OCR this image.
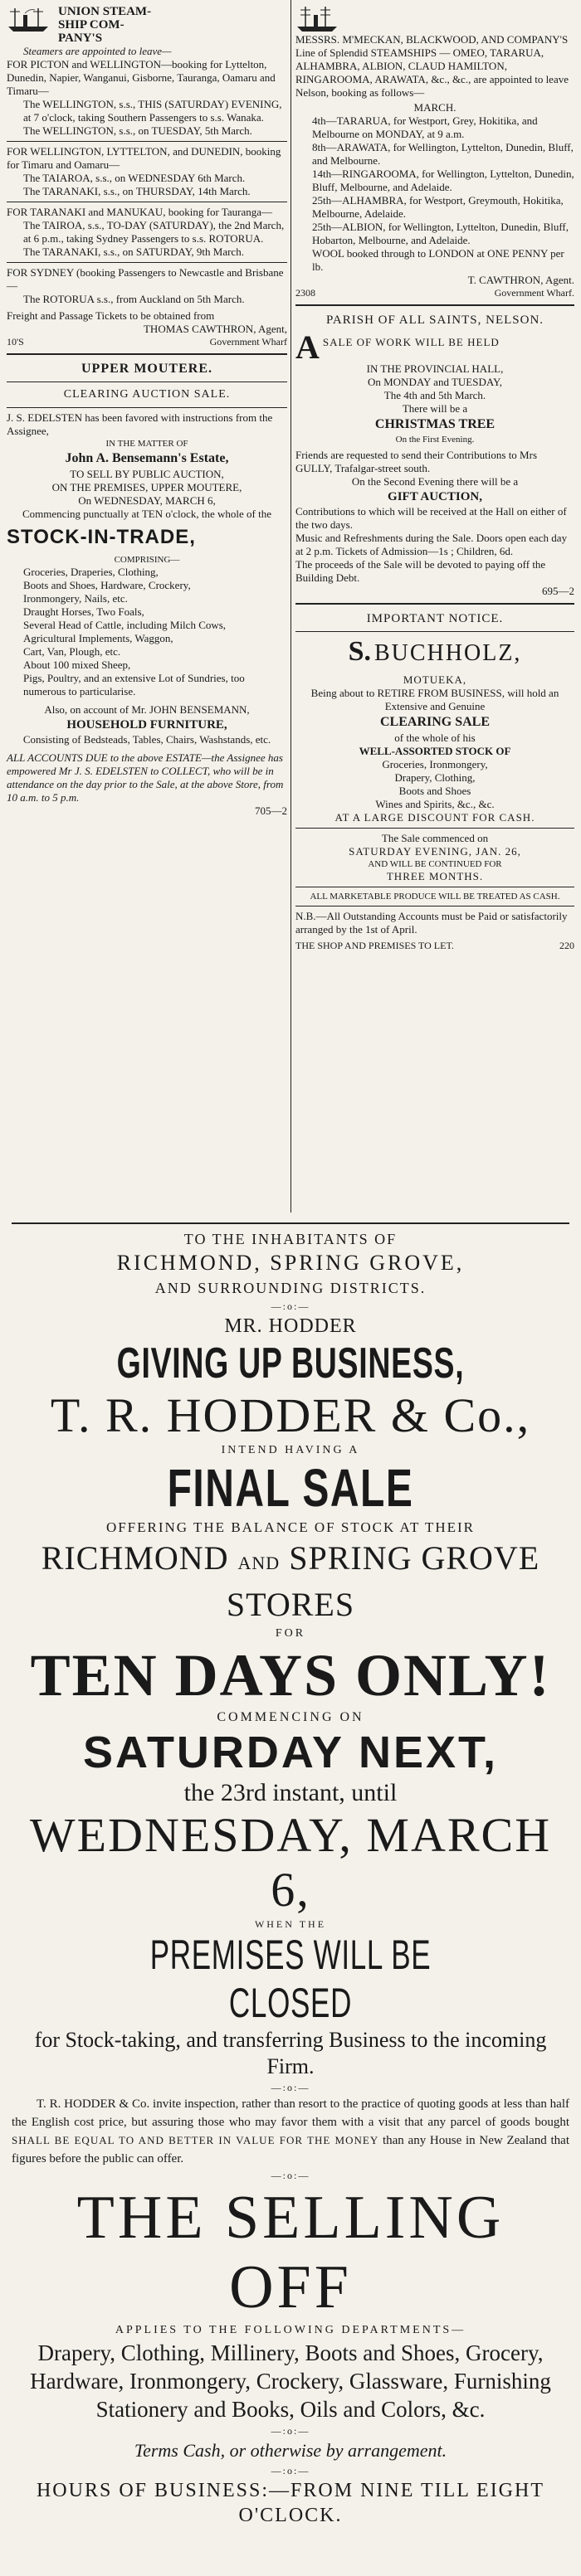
UNION STEAM-
SHIP COM-
PANY'S
Steamers are appointed to leave—
FOR PICTON and WELLINGTON—booking for Lyttelton, Dunedin, Napier, Wanganui, Gisborne, Tauranga, Oamaru and Timaru—
The WELLINGTON, s.s., THIS (SATURDAY) EVENING, at 7 o'clock, taking Southern Passengers to s.s. Wanaka.
The WELLINGTON, s.s., on TUESDAY, 5th March.
FOR WELLINGTON, LYTTELTON, and DUNEDIN, booking for Timaru and Oamaru—
The TAIAROA, s.s., on WEDNESDAY 6th March.
The TARANAKI, s.s., on THURSDAY, 14th March.
FOR TARANAKI and MANUKAU, booking for Tauranga—
The TAIROA, s.s., TO-DAY (SATURDAY), the 2nd March, at 6 p.m., taking Sydney Passengers to s.s. ROTORUA.
The TARANAKI, s.s., on SATURDAY, 9th March.
FOR SYDNEY (booking Passengers to Newcastle and Brisbane—
The ROTORUA s.s., from Auckland on 5th March.
Freight and Passage Tickets to be obtained from
THOMAS CAWTHRON, Agent,
10'S	Government Wharf
UPPER MOUTERE.
CLEARING AUCTION SALE.
J. S. EDELSTEN has been favored with instructions from the Assignee,
IN THE MATTER OF
John A. Bensemann's Estate,
TO SELL BY PUBLIC AUCTION,
ON THE PREMISES, UPPER MOUTERE,
On WEDNESDAY, MARCH 6,
Commencing punctually at TEN o'clock, the whole of the
STOCK-IN-TRADE,
COMPRISING—
Groceries, Draperies, Clothing,
Boots and Shoes, Hardware, Crockery,
Ironmongery, Nails, etc.
Draught Horses, Two Foals,
Several Head of Cattle, including Milch Cows,
Agricultural Implements, Waggon,
Cart, Van, Plough, etc.
About 100 mixed Sheep,
Pigs, Poultry, and an extensive Lot of Sundries, too numerous to particularise.
Also, on account of Mr. JOHN BENSEMANN,
HOUSEHOLD FURNITURE,
Consisting of Bedsteads, Tables, Chairs, Washstands, etc.
ALL ACCOUNTS DUE to the above ESTATE—the Assignee has empowered Mr J. S. EDELSTEN to COLLECT, who will be in attendance on the day prior to the Sale, at the above Store, from 10 a.m. to 5 p.m.
705—2
MESSRS. M'MECKAN, BLACKWOOD, AND COMPANY'S Line of Splendid STEAMSHIPS — OMEO, TARARUA, ALHAMBRA, ALBION, CLAUD HAMILTON, RINGAROOMA, ARAWATA, &c., &c., are appointed to leave Nelson, booking as follows—
MARCH.
4th—TARARUA, for Westport, Grey, Hokitika, and Melbourne on MONDAY, at 9 a.m.
8th—ARAWATA, for Wellington, Lyttelton, Dunedin, Bluff, and Melbourne.
14th—RINGAROOMA, for Wellington, Lyttelton, Dunedin, Bluff, Melbourne, and Adelaide.
25th—ALHAMBRA, for Westport, Greymouth, Hokitika, Melbourne, Adelaide.
25th—ALBION, for Wellington, Lyttelton, Dunedin, Bluff, Hobarton, Melbourne, and Adelaide.
WOOL booked through to LONDON at ONE PENNY per lb.
T. CAWTHRON, Agent.
2308	Government Wharf.
PARISH OF ALL SAINTS, NELSON.
A SALE OF WORK WILL BE HELD
IN THE PROVINCIAL HALL,
On MONDAY and TUESDAY,
The 4th and 5th March.
There will be a
CHRISTMAS TREE
On the First Evening.
Friends are requested to send their Contributions to Mrs GULLY, Trafalgar-street south.
On the Second Evening there will be a
GIFT AUCTION,
Contributions to which will be received at the Hall on either of the two days.
Music and Refreshments during the Sale. Doors open each day at 2 p.m. Tickets of Admission—1s ; Children, 6d.
The proceeds of the Sale will be devoted to paying off the Building Debt.
695—2
IMPORTANT NOTICE.
S. BUCHHOLZ,
MOTUEKA,
Being about to RETIRE FROM BUSINESS, will hold an Extensive and Genuine
CLEARING SALE
of the whole of his
WELL-ASSORTED STOCK OF
Groceries, Ironmongery,
Drapery, Clothing,
Boots and Shoes
Wines and Spirits, &c., &c.
AT A LARGE DISCOUNT FOR CASH.
The Sale commenced on
SATURDAY EVENING, JAN. 26,
AND WILL BE CONTINUED FOR
THREE MONTHS.
ALL MARKETABLE PRODUCE WILL BE TREATED AS CASH.
N.B.—All Outstanding Accounts must be Paid or satisfactorily arranged by the 1st of April.
THE SHOP AND PREMISES TO LET.	220
TO THE INHABITANTS OF
RICHMOND, SPRING GROVE,
AND SURROUNDING DISTRICTS.
—:o:—
MR. HODDER
GIVING UP BUSINESS,
T. R. HODDER & Co.,
INTEND HAVING A
FINAL SALE
OFFERING THE BALANCE OF STOCK AT THEIR
RICHMOND AND SPRING GROVE STORES
FOR
TEN DAYS ONLY!
COMMENCING ON
SATURDAY NEXT,
the 23rd instant, until
WEDNESDAY, MARCH 6,
WHEN THE
PREMISES WILL BE CLOSED
for Stock-taking, and transferring Business to the incoming
Firm.
—:o:—
T. R. HODDER & Co. invite inspection, rather than resort to the practice of quoting goods at less than half the English cost price, but assuring those who may favor them with a visit that any parcel of goods bought SHALL BE EQUAL TO AND BETTER IN VALUE FOR THE MONEY than any House in New Zealand that figures before the public can offer.
—:o:—
THE SELLING OFF
APPLIES TO THE FOLLOWING DEPARTMENTS—
Drapery, Clothing, Millinery, Boots and Shoes, Grocery, Hardware, Ironmongery, Crockery, Glassware, Furnishing Stationery and Books, Oils and Colors, &c.
—:o:—
Terms Cash, or otherwise by arrangement.
—:o:—
HOURS OF BUSINESS:—FROM NINE TILL EIGHT O'CLOCK.
